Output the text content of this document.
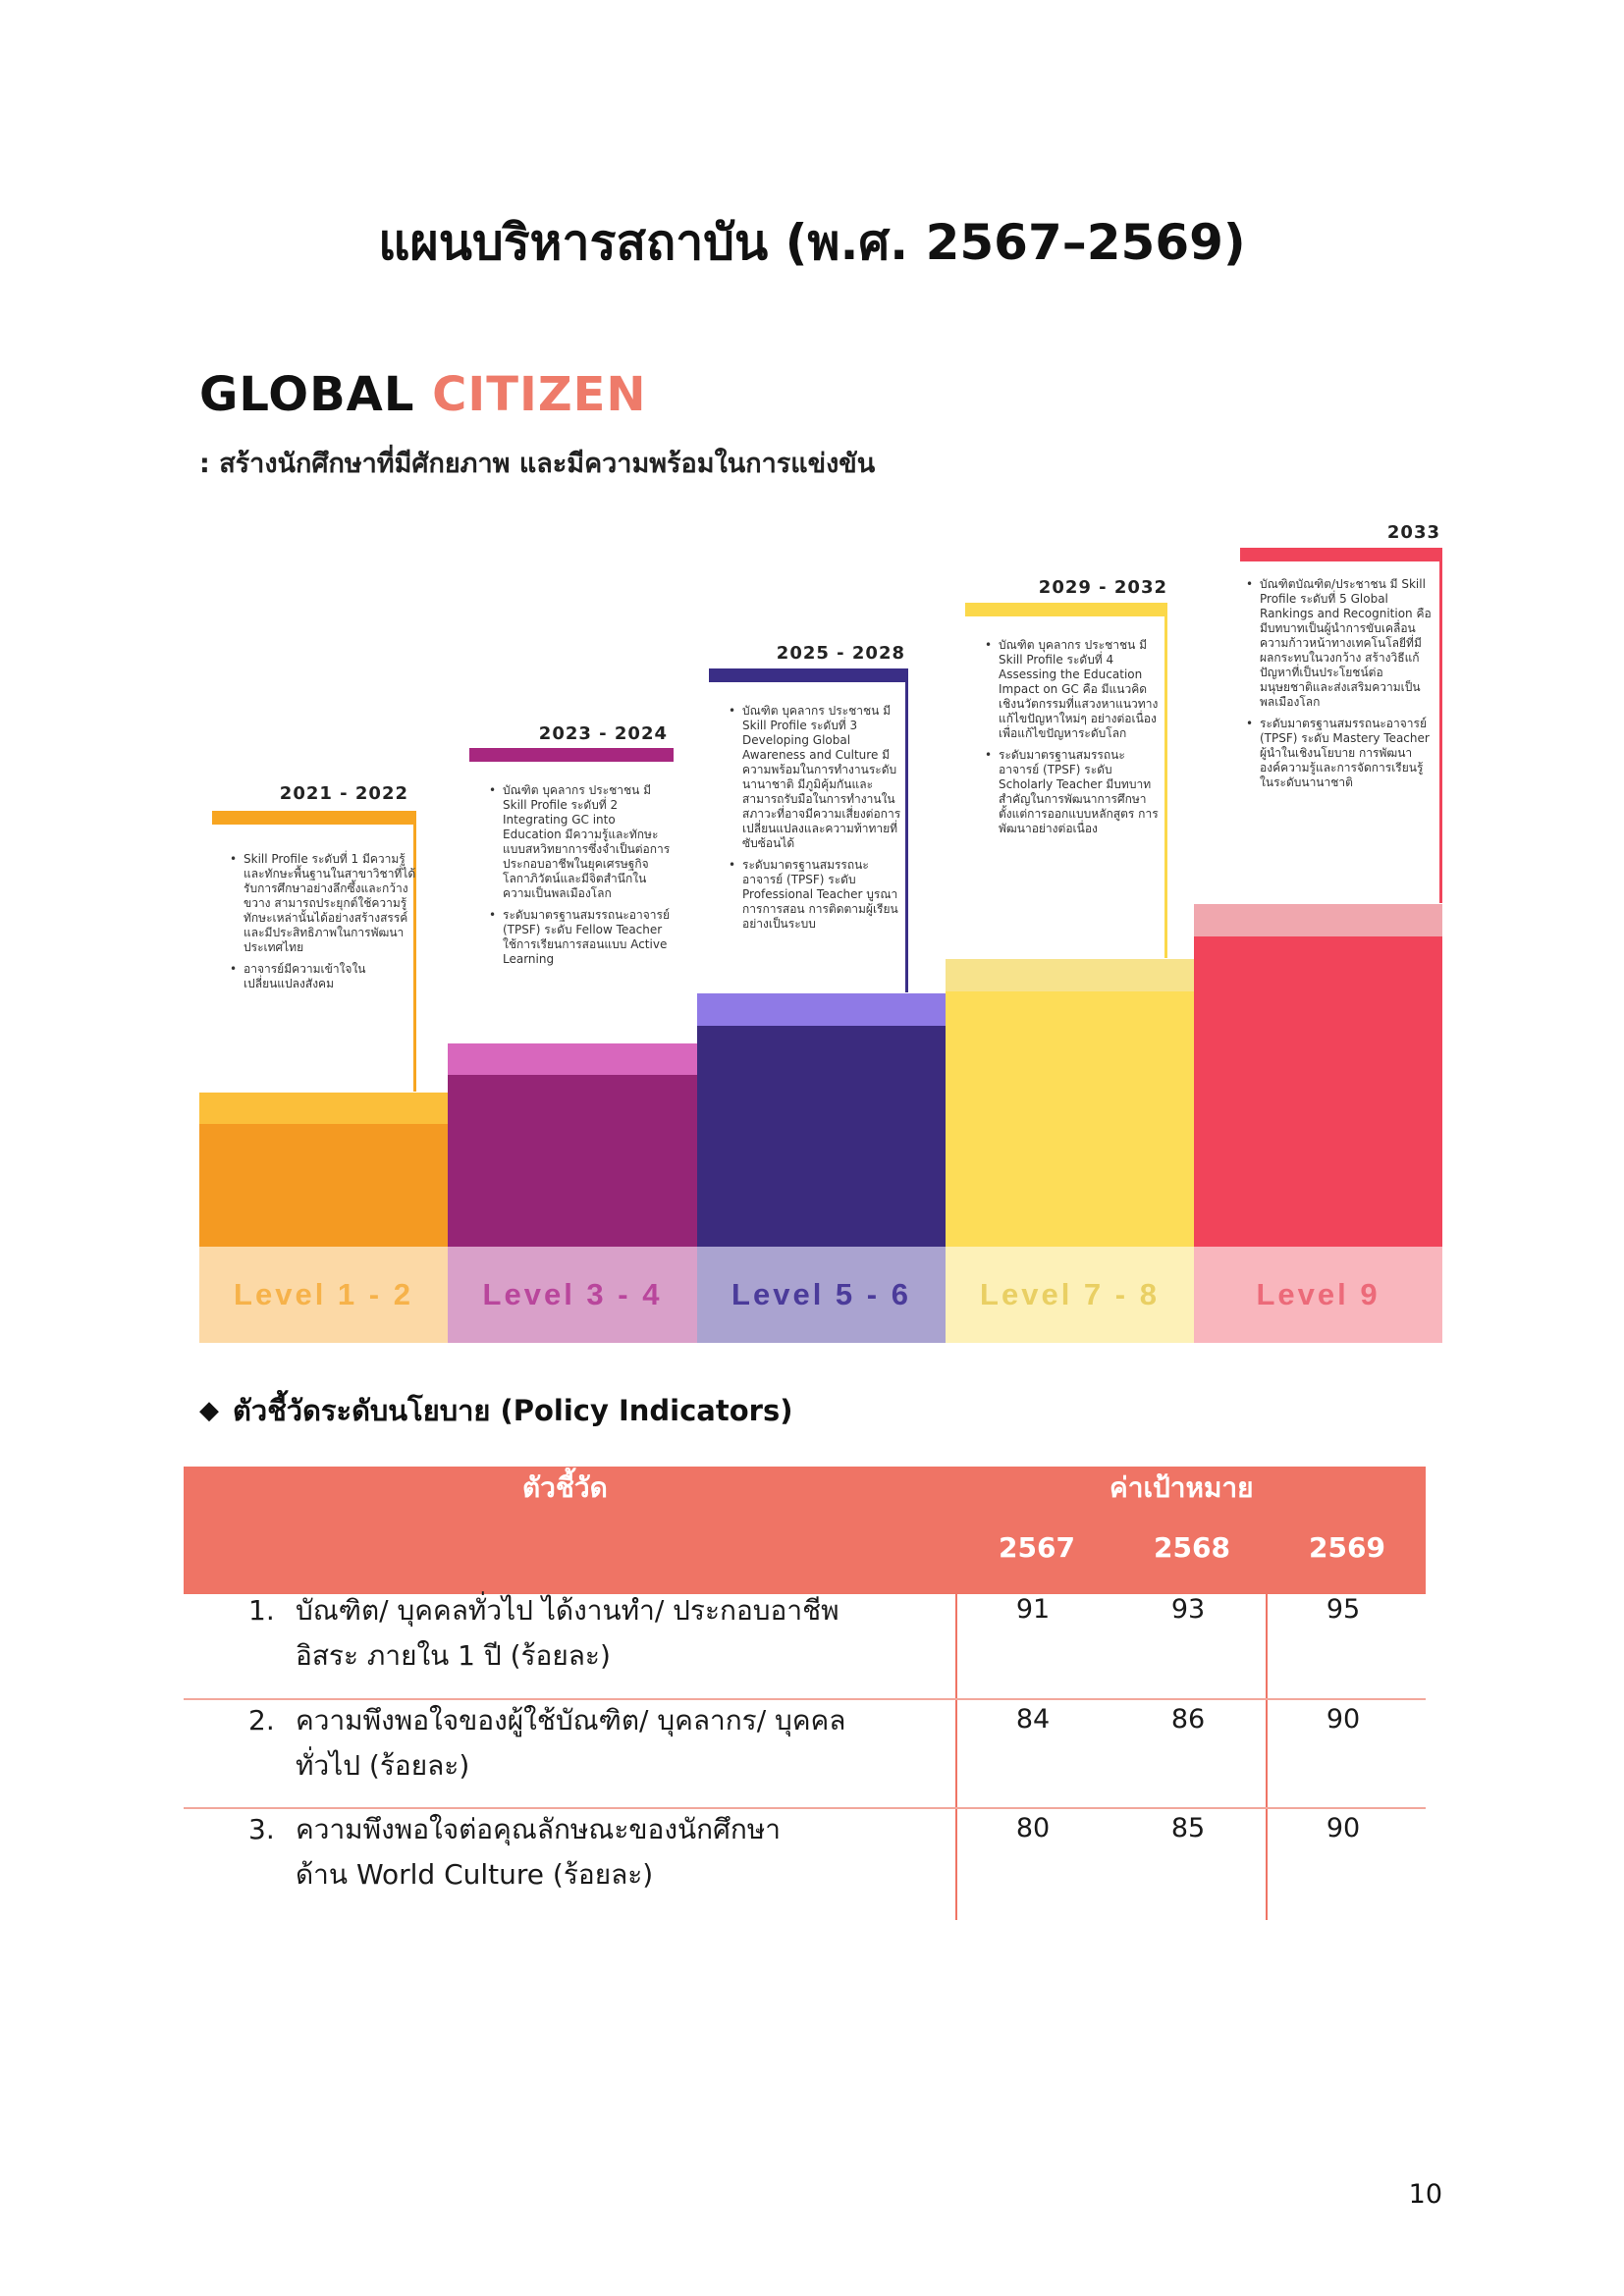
แผนบริหารสถาบัน (พ.ศ. 2567–2569)
GLOBAL CITIZEN
: สร้างนักศึกษาที่มีศักยภาพ และมีความพร้อมในการแข่งขัน
• Skill Profile ระดับที่ 1 มีความรู้และทักษะพื้นฐานในสาขาวิชาที่ได้รับการศึกษาอย่างลึกซึ้งและกว้างขวาง สามารถประยุกต์ใช้ความรู้ ทักษะเหล่านั้นได้อย่างสร้างสรรค์และมีประสิทธิภาพในการพัฒนาประเทศไทย
• อาจารย์มีความเข้าใจในเปลี่ยนแปลงสังคม
2021 - 2022
Level 1 - 2
• บัณฑิต บุคลากร ประชาชน มี Skill Profile ระดับที่ 2 Integrating GC into Education มีความรู้และทักษะแบบสหวิทยาการซึ่งจำเป็นต่อการประกอบอาชีพในยุคเศรษฐกิจโลกาภิวัตน์และมีจิตสำนึกในความเป็นพลเมืองโลก
• ระดับมาตรฐานสมรรถนะอาจารย์ (TPSF) ระดับ Fellow Teacher ใช้การเรียนการสอนแบบ Active Learning
2023 - 2024
Level 3 - 4
• บัณฑิต บุคลากร ประชาชน มี Skill Profile ระดับที่ 3 Developing Global Awareness and Culture มีความพร้อมในการทำงานระดับนานาชาติ มีภูมิคุ้มกันและสามารถรับมือในการทำงานในสภาวะที่อาจมีความเสี่ยงต่อการเปลี่ยนแปลงและความท้าทายที่ซับซ้อนได้
• ระดับมาตรฐานสมรรถนะอาจารย์ (TPSF) ระดับ Professional Teacher บูรณาการการสอน การติดตามผู้เรียนอย่างเป็นระบบ
2025 - 2028
Level 5 - 6
• บัณฑิต บุคลากร ประชาชน มี Skill Profile ระดับที่ 4 Assessing the Education Impact on GC คือ มีแนวคิดเชิงนวัตกรรมที่แสวงหาแนวทางแก้ไขปัญหาใหม่ๆ อย่างต่อเนื่องเพื่อแก้ไขปัญหาระดับโลก
• ระดับมาตรฐานสมรรถนะอาจารย์ (TPSF) ระดับ Scholarly Teacher มีบทบาทสำคัญในการพัฒนาการศึกษา ตั้งแต่การออกแบบหลักสูตร การพัฒนาอย่างต่อเนื่อง
2029 - 2032
Level 7 - 8
• บัณฑิตบัณฑิต/ประชาชน มี Skill Profile ระดับที่ 5 Global Rankings and Recognition คือมีบทบาทเป็นผู้นำการขับเคลื่อนความก้าวหน้าทางเทคโนโลยีที่มีผลกระทบในวงกว้าง สร้างวิธีแก้ปัญหาที่เป็นประโยชน์ต่อมนุษยชาติและส่งเสริมความเป็นพลเมืองโลก
• ระดับมาตรฐานสมรรถนะอาจารย์ (TPSF) ระดับ Mastery Teacher ผู้นำในเชิงนโยบาย การพัฒนาองค์ความรู้และการจัดการเรียนรู้ในระดับนานาชาติ
2033
Level 9
◆ ตัวชี้วัดระดับนโยบาย (Policy Indicators)
ตัวชี้วัด	ค่าเป้าหมาย
2567	2568	2569
1. บัณฑิต/ บุคคลทั่วไป ได้งานทำ/ ประกอบอาชีพ
อิสระ ภายใน 1 ปี (ร้อยละ)
91	93	95
2. ความพึงพอใจของผู้ใช้บัณฑิต/ บุคลากร/ บุคคล
ทั่วไป (ร้อยละ)
84	86	90
3. ความพึงพอใจต่อคุณลักษณะของนักศึกษา
ด้าน World Culture (ร้อยละ)
80	85	90
10
